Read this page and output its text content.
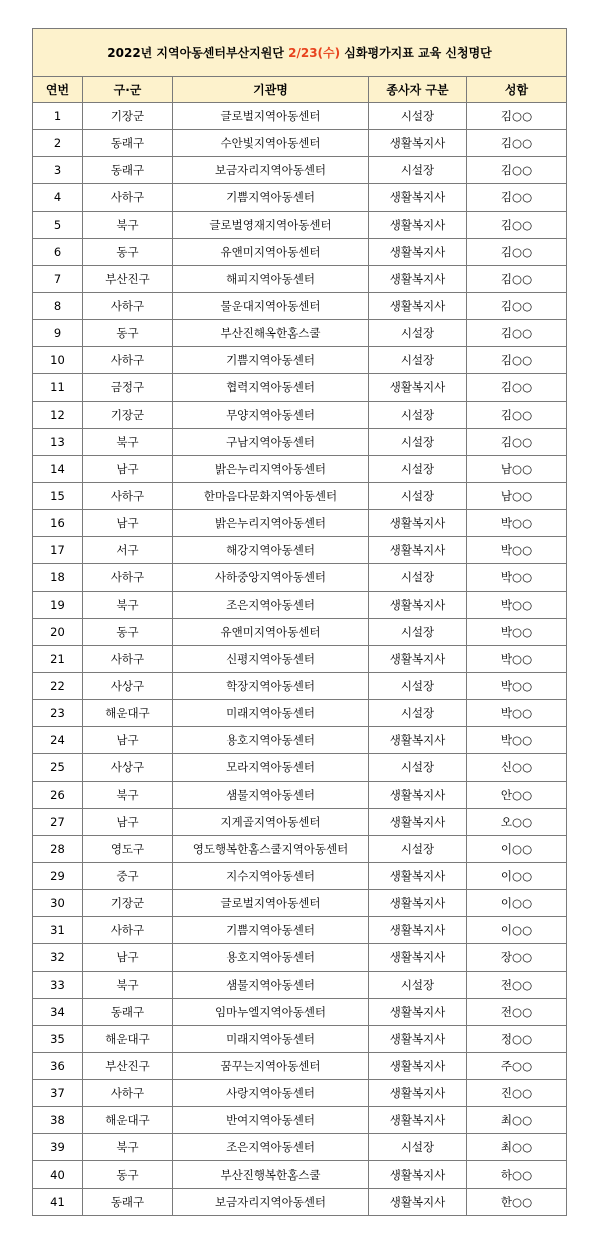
2022년 지역아동센터부산지원단 2/23(수) 심화평가지표 교육 신청명단				
연번	구·군	기관명	종사자 구분	성함
1	기장군	글로벌지역아동센터	시설장	김○○
2	동래구	수안빛지역아동센터	생활복지사	김○○
3	동래구	보금자리지역아동센터	시설장	김○○
4	사하구	기쁨지역아동센터	생활복지사	김○○
5	북구	글로벌영재지역아동센터	생활복지사	김○○
6	동구	유앤미지역아동센터	생활복지사	김○○
7	부산진구	해피지역아동센터	생활복지사	김○○
8	사하구	물운대지역아동센터	생활복지사	김○○
9	동구	부산진해옥한홈스쿨	시설장	김○○
10	사하구	기쁨지역아동센터	시설장	김○○
11	금정구	협력지역아동센터	생활복지사	김○○
12	기장군	무양지역아동센터	시설장	김○○
13	북구	구남지역아동센터	시설장	김○○
14	남구	밝은누리지역아동센터	시설장	남○○
15	사하구	한마음다문화지역아동센터	시설장	남○○
16	남구	밝은누리지역아동센터	생활복지사	박○○
17	서구	해강지역아동센터	생활복지사	박○○
18	사하구	사하중앙지역아동센터	시설장	박○○
19	북구	조은지역아동센터	생활복지사	박○○
20	동구	유앤미지역아동센터	시설장	박○○
21	사하구	신평지역아동센터	생활복지사	박○○
22	사상구	학장지역아동센터	시설장	박○○
23	해운대구	미래지역아동센터	시설장	박○○
24	남구	용호지역아동센터	생활복지사	박○○
25	사상구	모라지역아동센터	시설장	신○○
26	북구	샘물지역아동센터	생활복지사	안○○
27	남구	지게골지역아동센터	생활복지사	오○○
28	영도구	영도행복한홈스쿨지역아동센터	시설장	이○○
29	중구	지수지역아동센터	생활복지사	이○○
30	기장군	글로벌지역아동센터	생활복지사	이○○
31	사하구	기쁨지역아동센터	생활복지사	이○○
32	남구	용호지역아동센터	생활복지사	장○○
33	북구	샘물지역아동센터	시설장	전○○
34	동래구	임마누엘지역아동센터	생활복지사	전○○
35	해운대구	미래지역아동센터	생활복지사	정○○
36	부산진구	꿈꾸는지역아동센터	생활복지사	주○○
37	사하구	사랑지역아동센터	생활복지사	진○○
38	해운대구	반여지역아동센터	생활복지사	최○○
39	북구	조은지역아동센터	시설장	최○○
40	동구	부산진행복한홈스쿨	생활복지사	하○○
41	동래구	보금자리지역아동센터	생활복지사	한○○
